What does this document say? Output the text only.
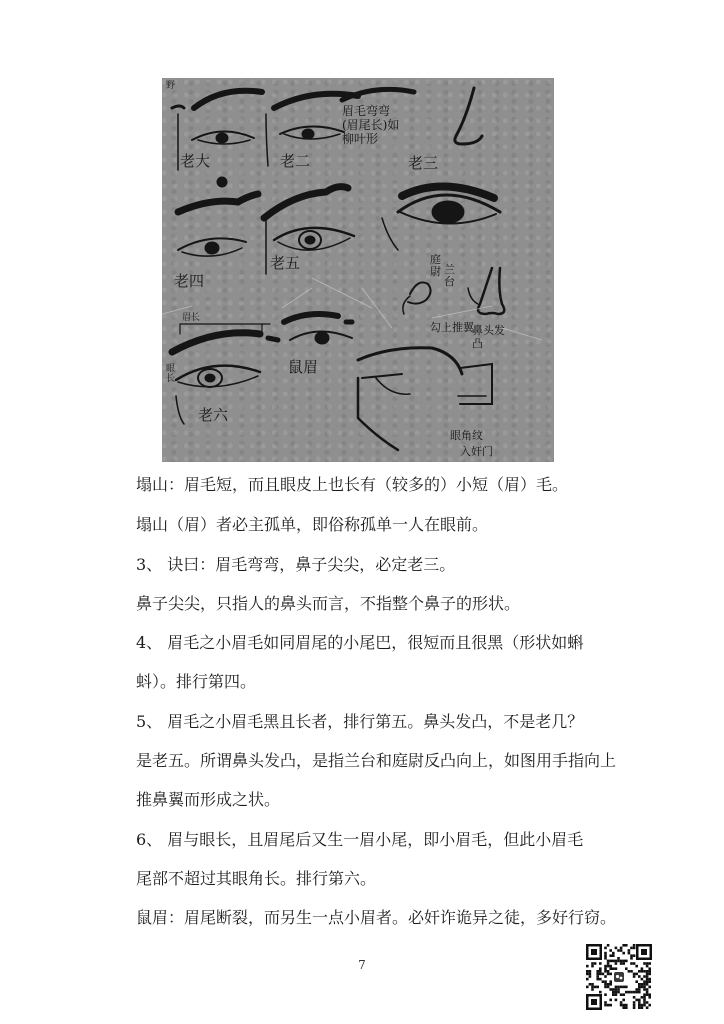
老大	老二	老三
眉毛弯弯(眉尾长)如柳叶形
野
老四
老五	庭尉 兰台
勾上推翼
鼻头发凸
眉长
眼长
鼠眉
老六
眼角纹
入奸门
塌山：眉毛短，而且眼皮上也长有（较多的）小短（眉）毛。
塌山（眉）者必主孤单，即俗称孤单一人在眼前。
3、 诀曰：眉毛弯弯，鼻子尖尖，必定老三。
鼻子尖尖，只指人的鼻头而言，不指整个鼻子的形状。
4、 眉毛之小眉毛如同眉尾的小尾巴，很短而且很黑（形状如蝌
蚪）。排行第四。
5、 眉毛之小眉毛黑且长者，排行第五。鼻头发凸，不是老几？
是老五。所谓鼻头发凸，是指兰台和庭尉反凸向上，如图用手指向上
推鼻翼而形成之状。
6、 眉与眼长，且眉尾后又生一眉小尾，即小眉毛，但此小眉毛
尾部不超过其眼角长。排行第六。
鼠眉：眉尾断裂，而另生一点小眉者。必奸诈诡异之徒，多好行窃。
7
